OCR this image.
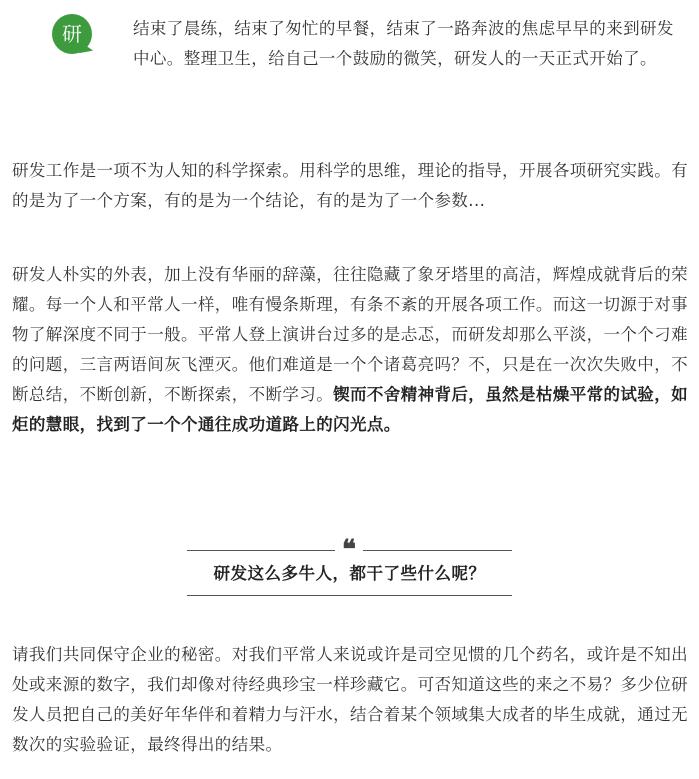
研	结束了晨练，结束了匆忙的早餐，结束了一路奔波的焦虑早早的来到研发中心。整理卫生，给自己一个鼓励的微笑，研发人的一天正式开始了。

研发工作是一项不为人知的科学探索。用科学的思维，理论的指导，开展各项研究实践。有的是为了一个方案，有的是为一个结论，有的是为了一个参数...

研发人朴实的外表，加上没有华丽的辞藻，往往隐藏了象牙塔里的高洁，辉煌成就背后的荣耀。每一个人和平常人一样，唯有慢条斯理，有条不紊的开展各项工作。而这一切源于对事物了解深度不同于一般。平常人登上演讲台过多的是忐忑，而研发却那么平淡，一个个刁难的问题，三言两语间灰飞湮灭。他们难道是一个个诸葛亮吗？不，只是在一次次失败中，不断总结，不断创新，不断探索，不断学习。锲而不舍精神背后，虽然是枯燥平常的试验，如炬的慧眼，找到了一个个通往成功道路上的闪光点。

❝
研发这么多牛人，都干了些什么呢？

请我们共同保守企业的秘密。对我们平常人来说或许是司空见惯的几个药名，或许是不知出处或来源的数字，我们却像对待经典珍宝一样珍藏它。可否知道这些的来之不易？多少位研发人员把自己的美好年华伴和着精力与汗水，结合着某个领域集大成者的毕生成就，通过无数次的实验验证，最终得出的结果。
